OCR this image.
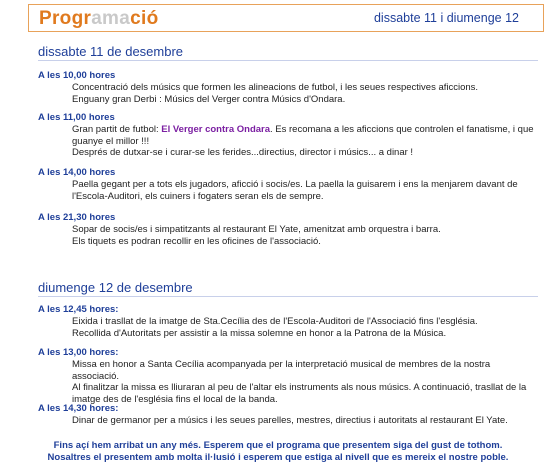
Programació	dissabte 11 i diumenge 12
dissabte 11 de desembre
A les 10,00 hores
Concentració dels músics que formen les alineacions de futbol, i les seues respectives aficcions.
Enguany gran Derbi : Músics del Verger contra Músics d'Ondara.
A les 11,00 hores
Gran partit de futbol: El Verger contra Ondara. Es recomana a les aficcions que controlen el fanatisme, i que guanye el millor !!!
Després de dutxar-se i curar-se les ferides...directius, director i músics... a dinar !
A les 14,00 hores
Paella gegant per a tots els jugadors, aficció i socis/es. La paella la guisarem i ens la menjarem davant de
l'Escola-Auditori, els cuiners i fogaters seran els de sempre.
A les 21,30 hores
Sopar de socis/es i simpatitzants al restaurant El Yate, amenitzat amb orquestra i barra.
Els tiquets es podran recollir en les oficines de l'associació.
diumenge 12 de desembre
A les 12,45 hores:
Eixida i trasllat de la imatge de Sta.Cecília des de l'Escola-Auditori de l'Associació fins l'església.
Recollida d'Autoritats per assistir a la missa solemne en honor a la Patrona de la Música.
A les 13,00 hores:
Missa en honor a Santa Cecília acompanyada per la interpretació musical de membres de la nostra associació.
Al finalitzar la missa es lliuraran al peu de l'altar els instruments als nous músics. A continuació, trasllat de la
imatge des de l'església fins el local de la banda.
A les 14,30 hores:
Dinar de germanor per a músics i les seues parelles, mestres, directius i autoritats al restaurant El Yate.
Fins açí hem arribat un any més. Esperem que el programa que presentem siga del gust de tothom.
Nosaltres el presentem amb molta il·lusió i esperem que estiga al nivell que es mereix el nostre poble.
